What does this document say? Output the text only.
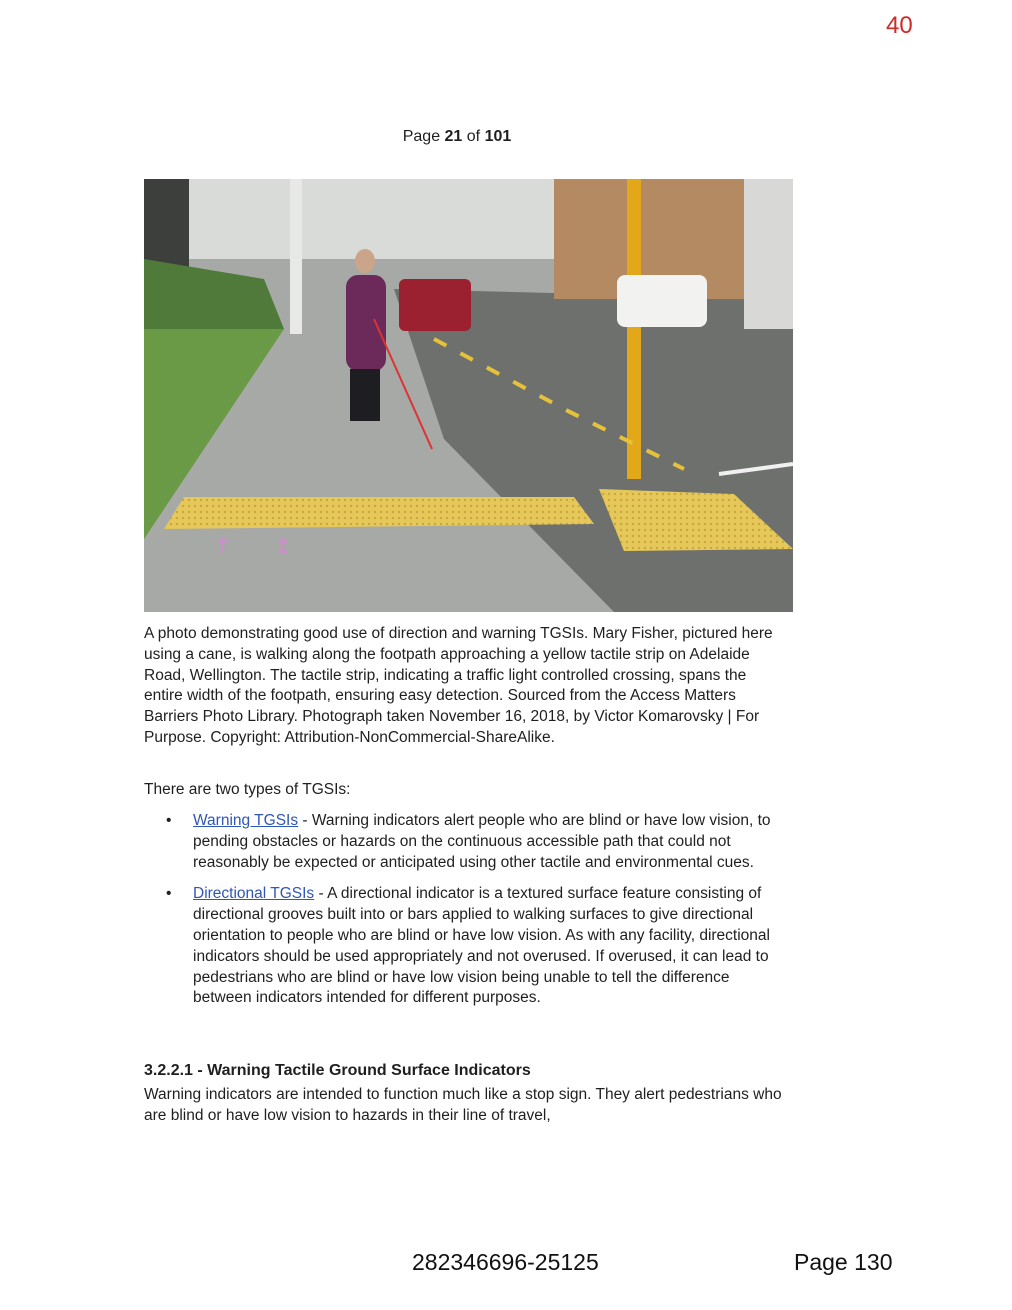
40
Page 21 of 101
↑ ↕
A photo demonstrating good use of direction and warning TGSIs. Mary Fisher, pictured here using a cane, is walking along the footpath approaching a yellow tactile strip on Adelaide Road, Wellington. The tactile strip, indicating a traffic light controlled crossing, spans the entire width of the footpath, ensuring easy detection. Sourced from the Access Matters Barriers Photo Library. Photograph taken November 16, 2018, by Victor Komarovsky | For Purpose. Copyright: Attribution-NonCommercial-ShareAlike.
There are two types of TGSIs:
• Warning TGSIs - Warning indicators alert people who are blind or have low vision, to pending obstacles or hazards on the continuous accessible path that could not reasonably be expected or anticipated using other tactile and environmental cues.
• Directional TGSIs - A directional indicator is a textured surface feature consisting of directional grooves built into or bars applied to walking surfaces to give directional orientation to people who are blind or have low vision. As with any facility, directional indicators should be used appropriately and not overused. If overused, it can lead to pedestrians who are blind or have low vision being unable to tell the difference between indicators intended for different purposes.
3.2.2.1 - Warning Tactile Ground Surface Indicators
Warning indicators are intended to function much like a stop sign. They alert pedestrians who are blind or have low vision to hazards in their line of travel,
282346696-25125	Page 130
